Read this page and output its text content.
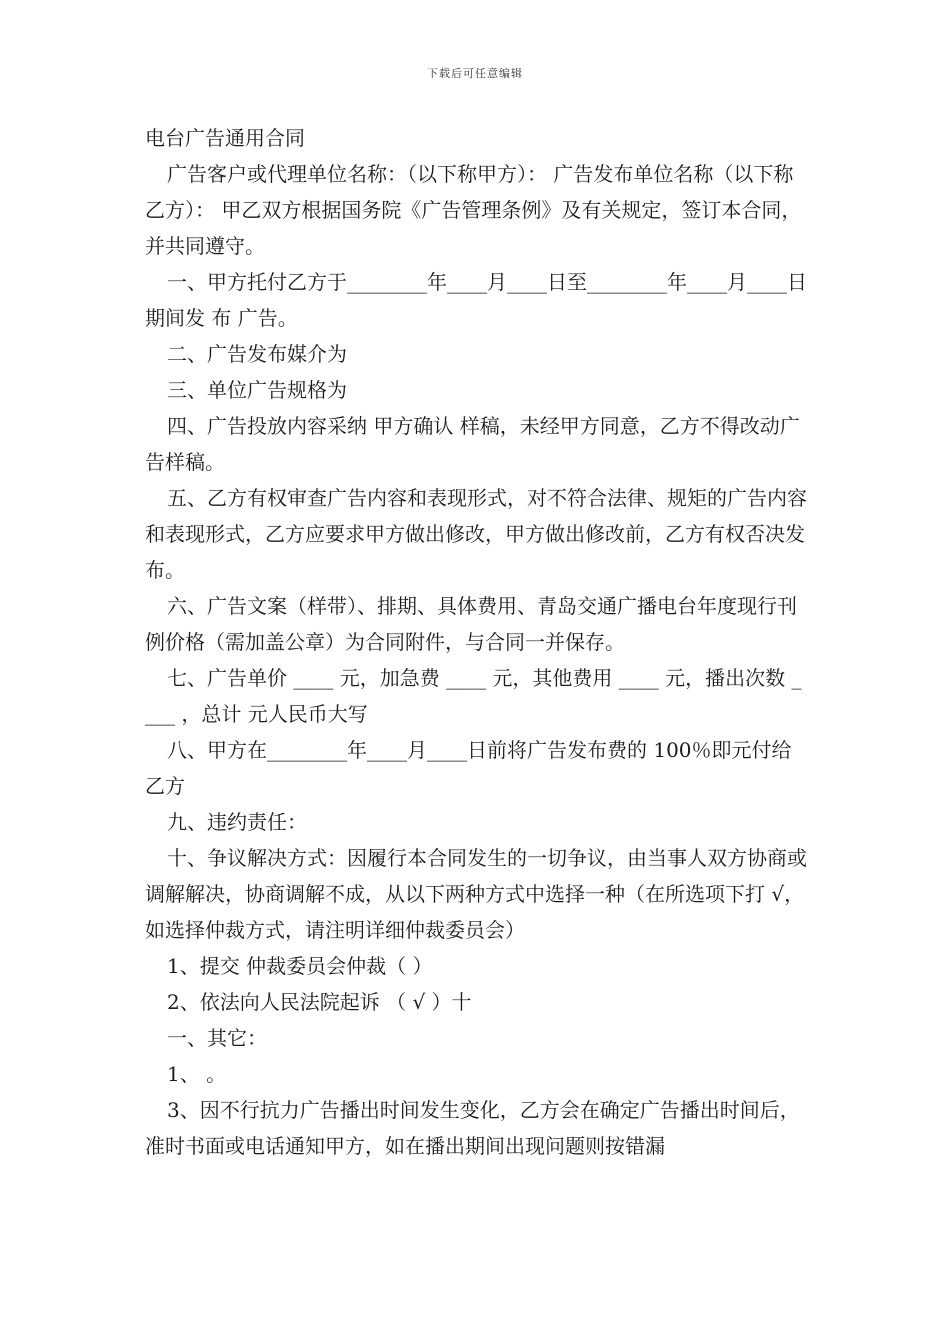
下载后可任意编辑

电台广告通用合同

广告客户或代理单位名称：（以下称甲方）： 广告发布单位名称（以下称乙方）： 甲乙双方根据国务院《广告管理条例》及有关规定，签订本合同，并共同遵守。

一、甲方托付乙方于________年____月____日至________年____月____日期间发 布 广告。

二、广告发布媒介为

三、单位广告规格为

四、广告投放内容采纳 甲方确认 样稿，未经甲方同意，乙方不得改动广告样稿。

五、乙方有权审查广告内容和表现形式，对不符合法律、规矩的广告内容和表现形式，乙方应要求甲方做出修改，甲方做出修改前，乙方有权否决发布。

六、广告文案（样带）、排期、具体费用、青岛交通广播电台年度现行刊例价格（需加盖公章）为合同附件，与合同一并保存。

七、广告单价 ____ 元，加急费 ____ 元，其他费用 ____ 元，播出次数 ____ ，总计 元人民币大写

八、甲方在________年____月____日前将广告发布费的 100％即元付给乙方

九、违约责任：

十、争议解决方式：因履行本合同发生的一切争议，由当事人双方协商或调解解决，协商调解不成，从以下两种方式中选择一种（在所选项下打 √，如选择仲裁方式，请注明详细仲裁委员会）

1、提交 仲裁委员会仲裁（ ）

2、依法向人民法院起诉 （ √ ）十

一、其它：

1、 。

3、因不行抗力广告播出时间发生变化，乙方会在确定广告播出时间后，准时书面或电话通知甲方，如在播出期间出现问题则按错漏
